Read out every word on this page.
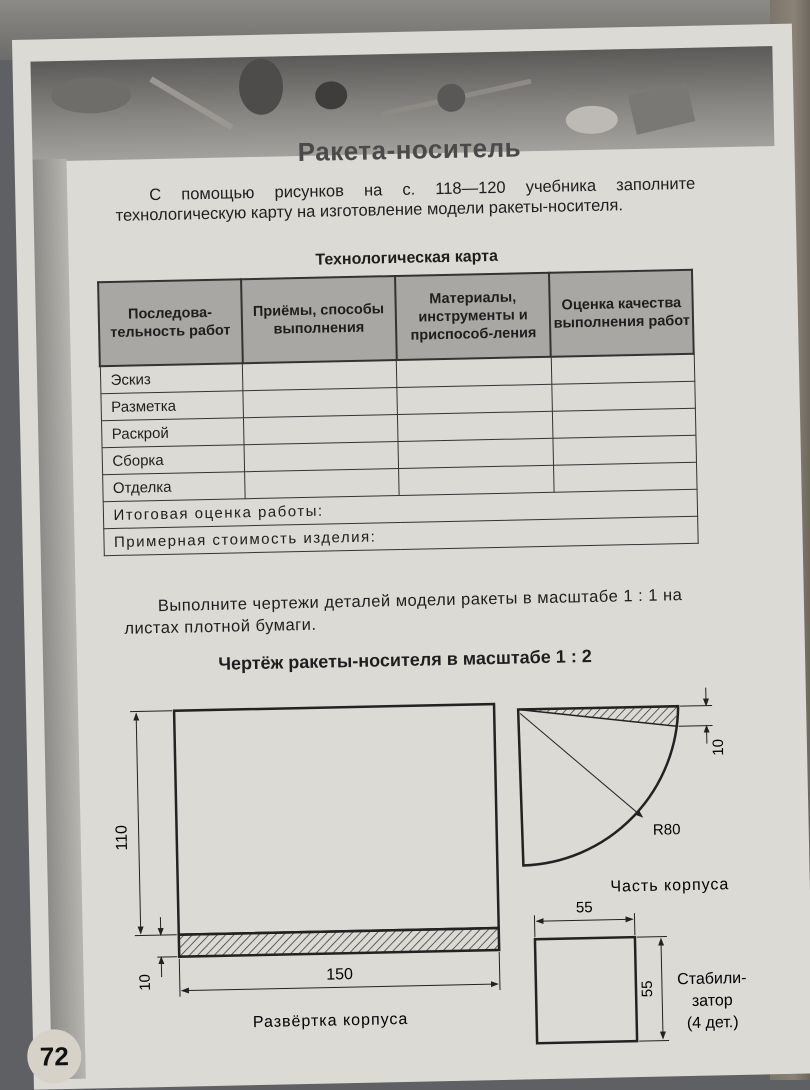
Ракета-носитель
С помощью рисунков на с. 118—120 учебника заполните технологическую карту на изготовление модели ракеты-носителя.
Технологическая карта
Последова-тельность работ	Приёмы, способы выполнения	Материалы, инструменты и приспособ-ления	Оценка качества выполнения работ
Эскиз			
Разметка			
Раскрой			
Сборка			
Отделка			
Итоговая оценка работы:			
Примерная стоимость изделия:			
Выполните чертежи деталей модели ракеты в масштабе 1 : 1 на листах плотной бумаги.
Чертёж ракеты-носителя в масштабе 1 : 2
110
10	150
Развёртка корпуса
R80
10
Часть корпуса
55
55
Стабили-
затор
(4 дет.)
72
